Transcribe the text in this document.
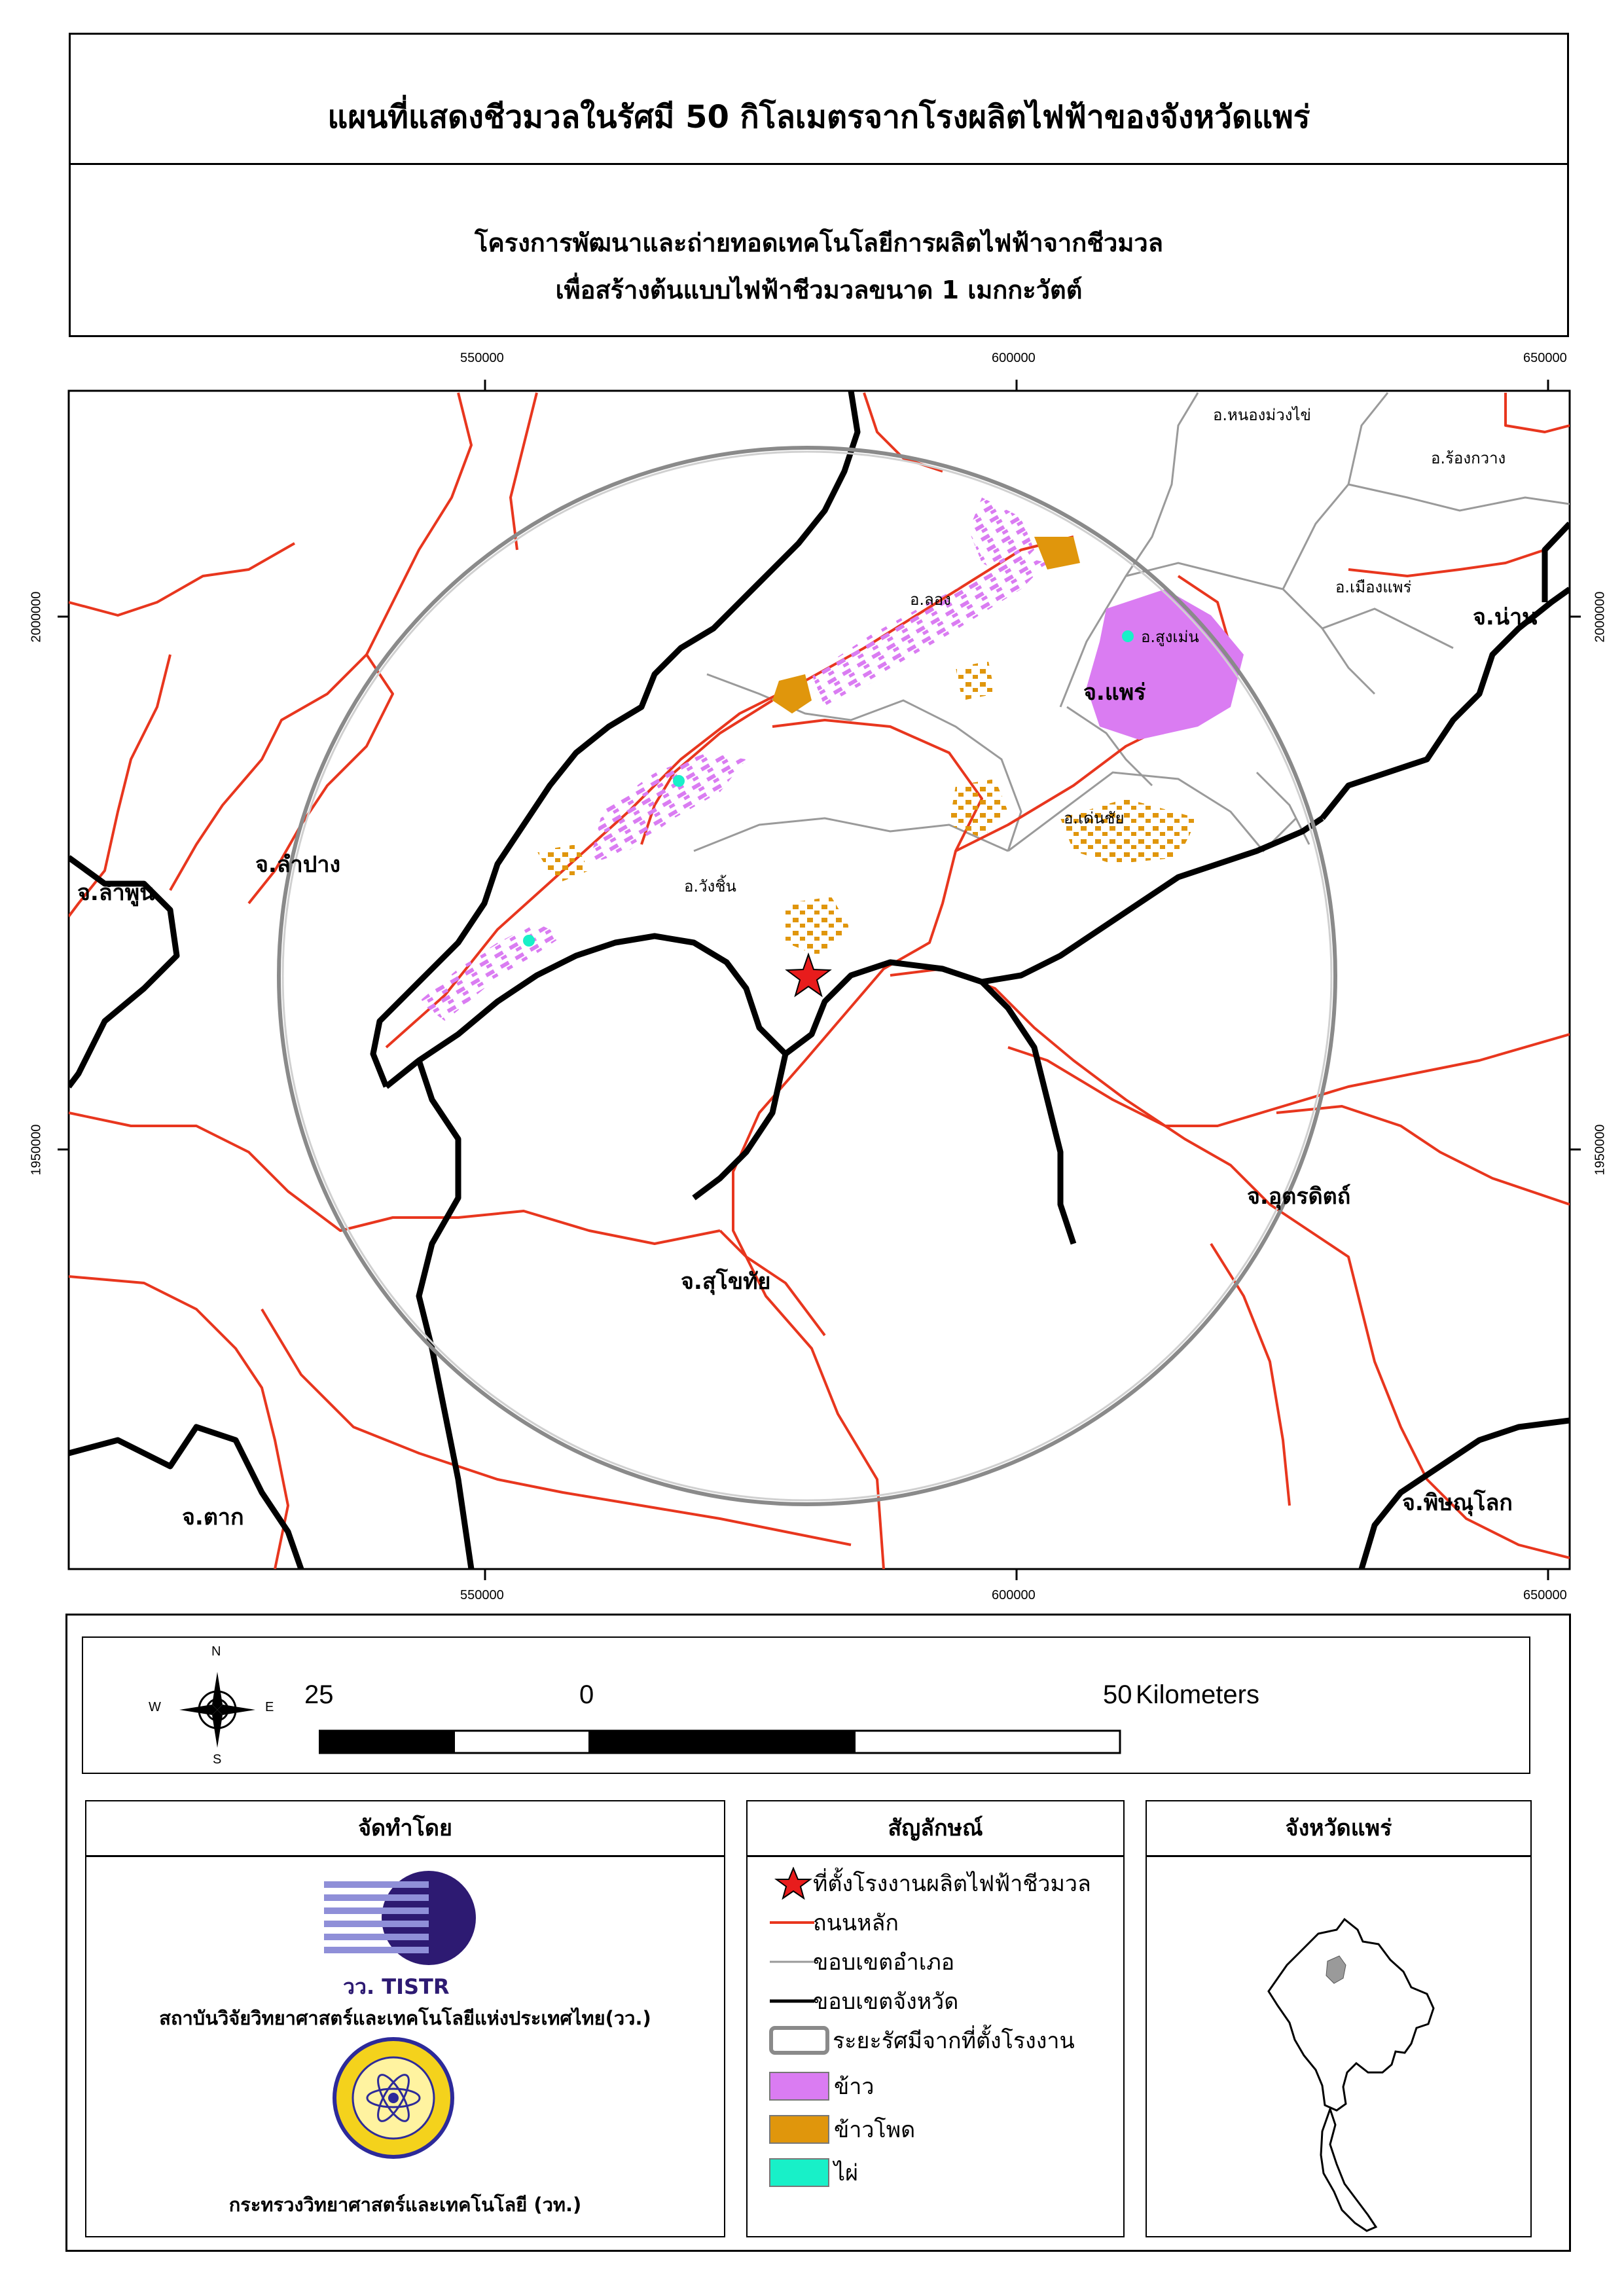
แผนที่แสดงชีวมวลในรัศมี 50 กิโลเมตรจากโรงผลิตไฟฟ้าของจังหวัดแพร่
โครงการพัฒนาและถ่ายทอดเทคโนโลยีการผลิตไฟฟ้าจากชีวมวล
เพื่อสร้างต้นแบบไฟฟ้าชีวมวลขนาด 1 เมกกะวัตต์
550000	600000	650000
550000	600000	650000
2000000
1950000
2000000
1950000
จ.แพร่
จ.ลำปาง
จ.ลำพูน
จ.น่าน
จ.อุตรดิตถ์
จ.สุโขทัย
จ.ตาก
จ.พิษณุโลก
อ.หนองม่วงไข่
อ.ร้องกวาง
อ.เมืองแพร่
อ.ลอง
อ.สูงเม่น
อ.เด่นชัย
อ.วังชิ้น
N
S
W	E 25	0	50 Kilometers
จัดทำโดย
วว. TISTR
สถาบันวิจัยวิทยาศาสตร์และเทคโนโลยีแห่งประเทศไทย(วว.)
กระทรวงวิทยาศาสตร์และเทคโนโลยี (วท.)
สัญลักษณ์
ที่ตั้งโรงงานผลิตไฟฟ้าชีวมวล
ถนนหลัก
ขอบเขตอำเภอ
ขอบเขตจังหวัด
ระยะรัศมีจากที่ตั้งโรงงาน
ข้าว
ข้าวโพด
ไผ่
จังหวัดแพร่
